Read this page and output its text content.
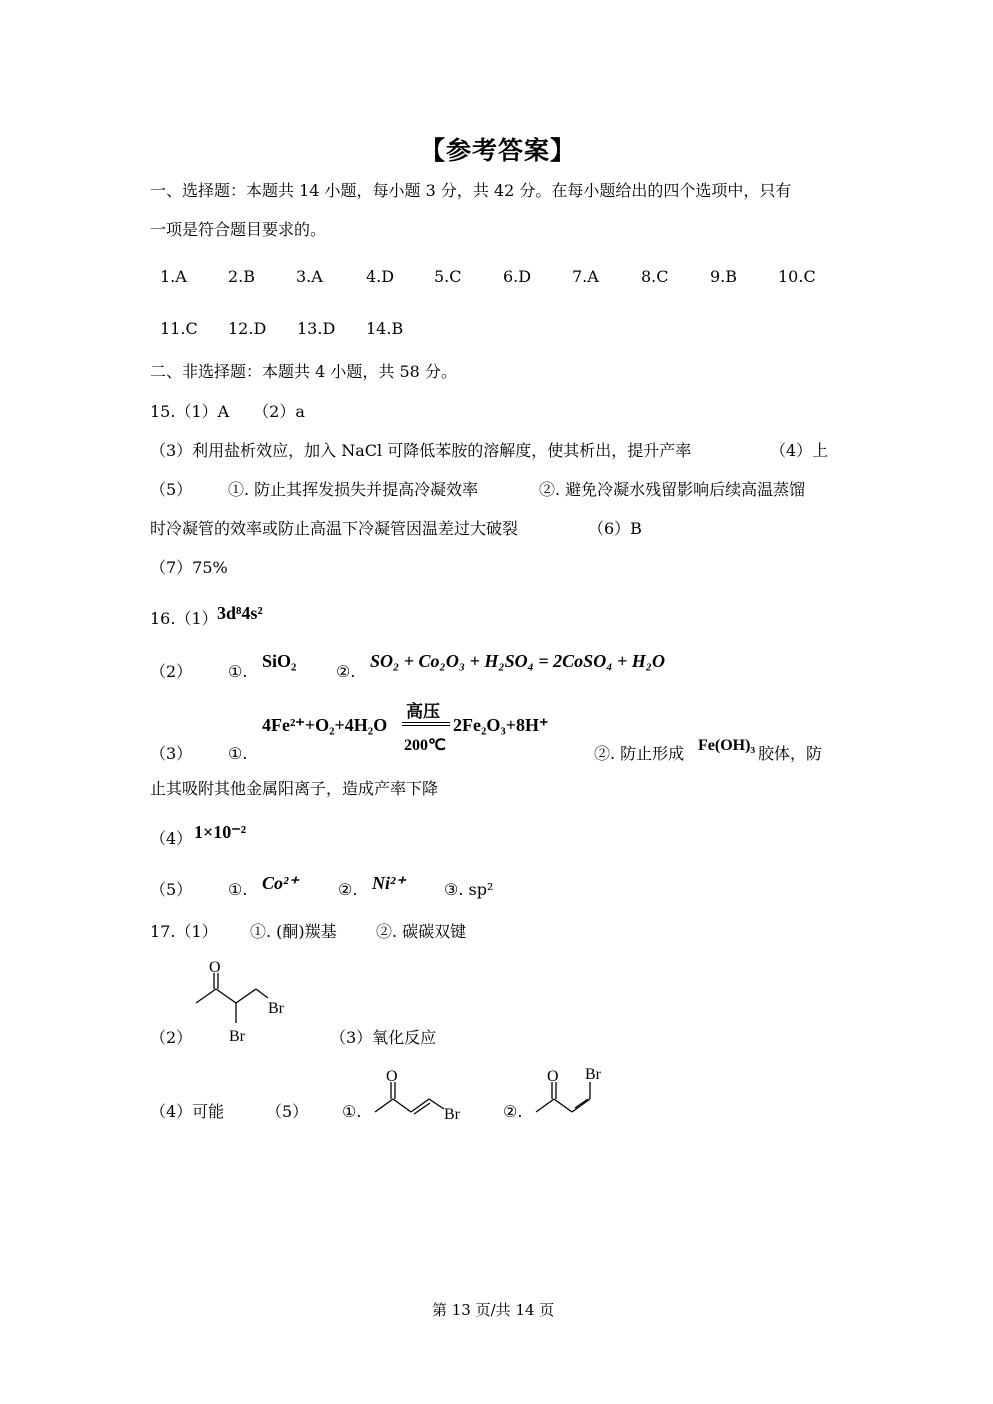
【参考答案】
一、选择题：本题共 14 小题，每小题 3 分，共 42 分。在每小题给出的四个选项中，只有
一项是符合题目要求的。
1.A	2.B	3.A	4.D 5.C	6.D	7.A	8.C	9.B	10.C
11.C 12.D 13.D 14.B
二、非选择题：本题共 4 小题，共 58 分。
15.（1）A　　（2）a
（3）利用盐析效应，加入 NaCl 可降低苯胺的溶解度，使其析出，提升产率	（4）上
（5） ①. 防止其挥发损失并提高冷凝效率	②. 避免冷凝水残留影响后续高温蒸馏
时冷凝管的效率或防止高温下冷凝管因温差过大破裂	（6）B
（7）75%
16.（1） 3d⁸4s²
（2） ①.
SiO₂
②.
SO₂ + Co₂O₃ + H₂SO₄ = 2CoSO₄ + H₂O
（3） ①.
4Fe²⁺+O₂+4H₂O
高压
200℃
2Fe₂O₃+8H⁺
②. 防止形成 Fe(OH)₃ 胶体，防
止其吸附其他金属阳离子，造成产率下降
（4） 1×10⁻²
（5） ①. Co²⁺	②. Ni²⁺ ③. sp²
17.（1） ①. (酮)羰基 ②. 碳碳双键
O
Br
Br
（2）	（3）氧化反应
（4）可能	（5） ①.
O
Br	②.
O Br
第 13 页/共 14 页
